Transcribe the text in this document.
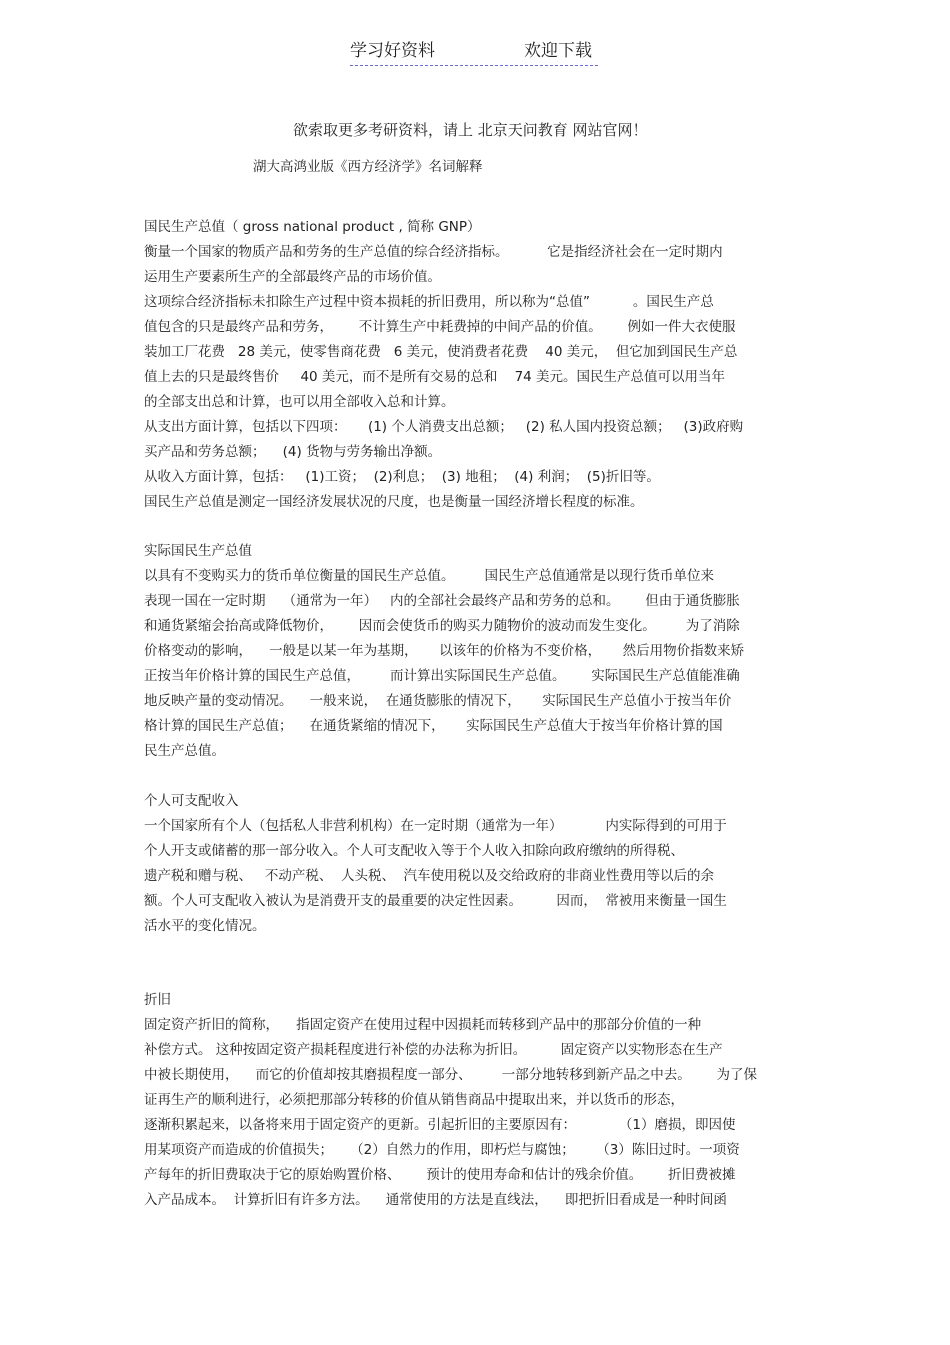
学习好资料	欢迎下载
欲索取更多考研资料，请上 北京天问教育 网站官网！
湖大高鸿业版《西方经济学》名词解释
国民生产总值（ gross national product , 简称 GNP）
衡量一个国家的物质产品和劳务的生产总值的综合经济指标。         它是指经济社会在一定时期内
运用生产要素所生产的全部最终产品的市场价值。
这项综合经济指标未扣除生产过程中资本损耗的折旧费用，所以称为“总值”          。国民生产总
值包含的只是最终产品和劳务，      不计算生产中耗费掉的中间产品的价值。      例如一件大衣使服
装加工厂花费   28 美元，使零售商花费   6 美元，使消费者花费    40 美元，  但它加到国民生产总
值上去的只是最终售价     40 美元，而不是所有交易的总和    74 美元。国民生产总值可以用当年
的全部支出总和计算，也可以用全部收入总和计算。
从支出方面计算，包括以下四项：     (1) 个人消费支出总额；   (2) 私人国内投资总额；   (3)政府购
买产品和劳务总额；    (4) 货物与劳务输出净额。
从收入方面计算，包括：   (1)工资；  (2)利息；  (3) 地租；  (4) 利润；  (5)折旧等。
国民生产总值是测定一国经济发展状况的尺度，也是衡量一国经济增长程度的标准。
实际国民生产总值
以具有不变购买力的货币单位衡量的国民生产总值。       国民生产总值通常是以现行货币单位来
表现一国在一定时期    （通常为一年）   内的全部社会最终产品和劳务的总和。      但由于通货膨胀
和通货紧缩会抬高或降低物价，      因而会使货币的购买力随物价的波动而发生变化。       为了消除
价格变动的影响，    一般是以某一年为基期，     以该年的价格为不变价格，     然后用物价指数来矫
正按当年价格计算的国民生产总值，       而计算出实际国民生产总值。      实际国民生产总值能准确
地反映产量的变动情况。    一般来说，  在通货膨胀的情况下，     实际国民生产总值小于按当年价
格计算的国民生产总值；    在通货紧缩的情况下，     实际国民生产总值大于按当年价格计算的国
民生产总值。
个人可支配收入
一个国家所有个人（包括私人非营利机构）在一定时期（通常为一年）          内实际得到的可用于
个人开支或储蓄的那一部分收入。个人可支配收入等于个人收入扣除向政府缴纳的所得税、
遗产税和赠与税、   不动产税、  人头税、  汽车使用税以及交给政府的非商业性费用等以后的余
额。个人可支配收入被认为是消费开支的最重要的决定性因素。        因而，  常被用来衡量一国生
活水平的变化情况。
折旧
固定资产折旧的简称，    指固定资产在使用过程中因损耗而转移到产品中的那部分价值的一种
补偿方式。 这种按固定资产损耗程度进行补偿的办法称为折旧。        固定资产以实物形态在生产
中被长期使用，    而它的价值却按其磨损程度一部分、       一部分地转移到新产品之中去。      为了保
证再生产的顺利进行，必须把那部分转移的价值从销售商品中提取出来，并以货币的形态，
逐渐积累起来，以备将来用于固定资产的更新。引起折旧的主要原因有：          （1）磨损，即因使
用某项资产而造成的价值损失；    （2）自然力的作用，即朽烂与腐蚀；     （3）陈旧过时。一项资
产每年的折旧费取决于它的原始购置价格、      预计的使用寿命和估计的残余价值。      折旧费被摊
入产品成本。  计算折旧有许多方法。    通常使用的方法是直线法，    即把折旧看成是一种时间函
